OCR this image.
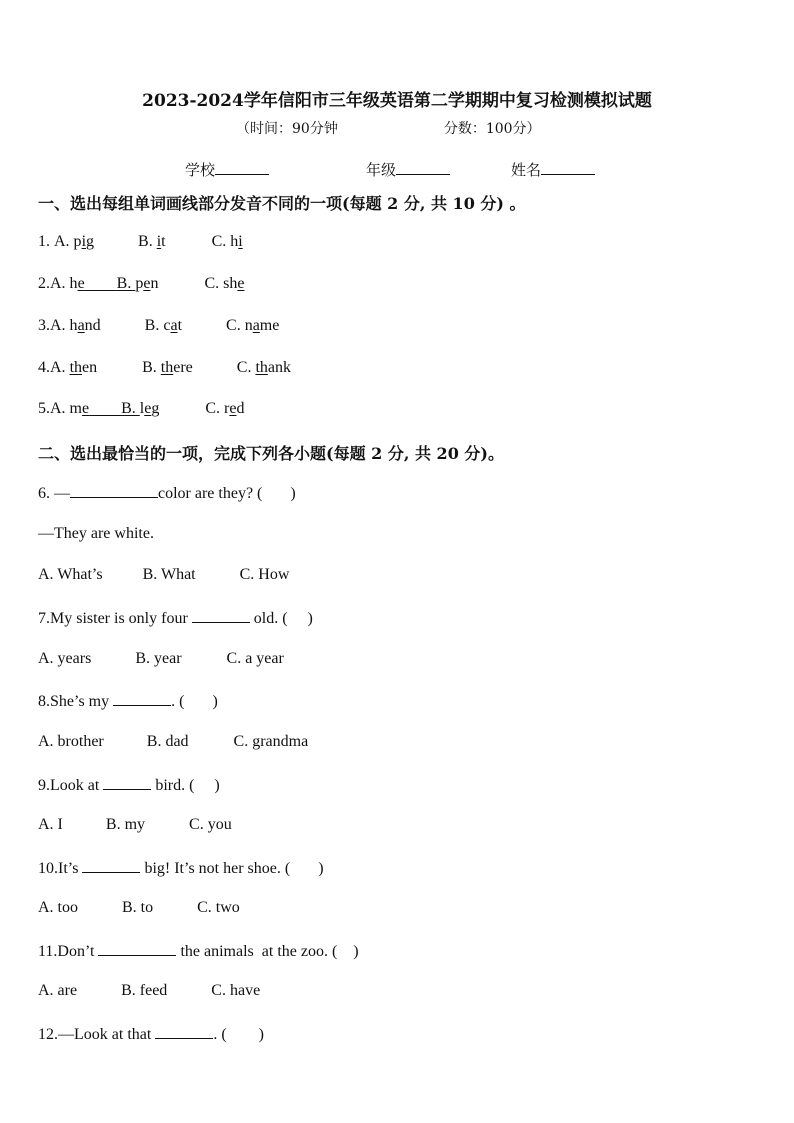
2023-2024学年信阳市三年级英语第二学期期中复习检测模拟试题
（时间：90分钟	分数：100分）
学校	年级	姓名
一、选出每组单词画线部分发音不同的一项(每题 2 分, 共 10 分) 。
1. A. pig	B. it	C. hi
2.A. he B. pen	C. she
3.A. hand	B. cat	C. name
4.A. then	B. there	C. thank
5.A. me B. leg	C. red
二、选出最恰当的一项，完成下列各小题(每题 2 分, 共 20 分)。
6. —	color are they? (       )
—They are white.
A. What’s	B. What	C. How
7.My sister is only four	old. (     )
A. years	B. year	C. a year
8.She’s my	. (       )
A. brother	B. dad	C. grandma
9.Look at	bird. (     )
A. I	B. my	C. you
10.It’s	big! It’s not her shoe. (       )
A. too	B. to	C. two
11.Don’t	the animals  at the zoo. (    )
A. are	B. feed	C. have
12.—Look at that	. (        )
